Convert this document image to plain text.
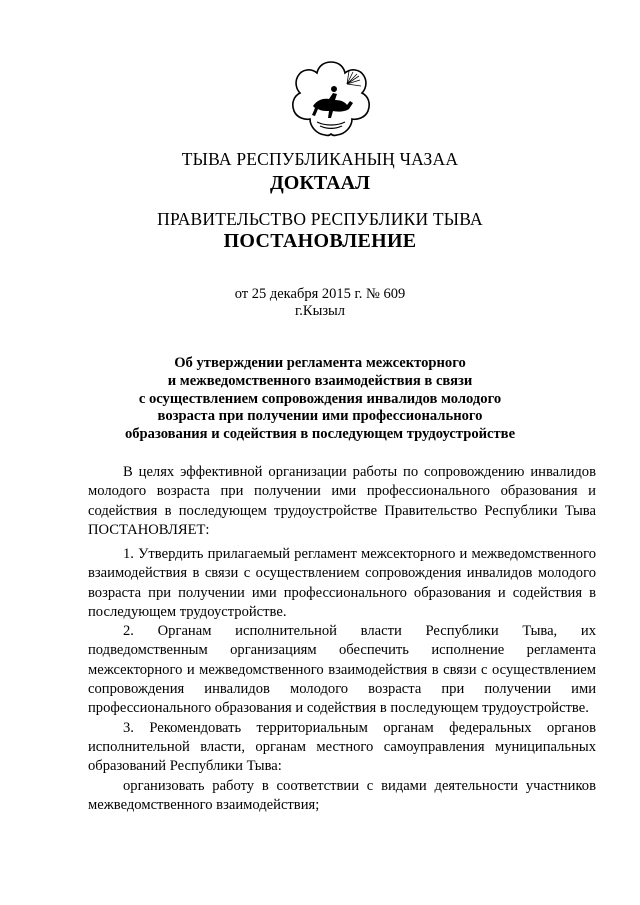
ТЫВА РЕСПУБЛИКАНЫҢ ЧАЗАА
ДОКТААЛ
ПРАВИТЕЛЬСТВО РЕСПУБЛИКИ ТЫВА
ПОСТАНОВЛЕНИЕ
от 25 декабря 2015 г. № 609
г.Кызыл
Об утверждении регламента межсекторного
и межведомственного взаимодействия в связи
с осуществлением сопровождения инвалидов молодого
возраста при получении ими профессионального
образования и содействия в последующем трудоустройстве

В целях эффективной организации работы по сопровождению инвалидов молодого возраста при получении ими профессионального образования и содействия в последующем трудоустройстве Правительство Республики Тыва ПОСТАНОВЛЯЕТ:

1. Утвердить прилагаемый регламент межсекторного и межведомственного взаимодействия в связи с осуществлением сопровождения инвалидов молодого возраста при получении ими профессионального образования и содействия в последующем трудоустройстве.

2. Органам исполнительной власти Республики Тыва, их подведомственным организациям обеспечить исполнение регламента межсекторного и межведомственного взаимодействия в связи с осуществлением сопровождения инвалидов молодого возраста при получении ими профессионального образования и содействия в последующем трудоустройстве.

3. Рекомендовать территориальным органам федеральных органов исполнительной власти, органам местного самоуправления муниципальных образований Республики Тыва:

организовать работу в соответствии с видами деятельности участников межведомственного взаимодействия;
